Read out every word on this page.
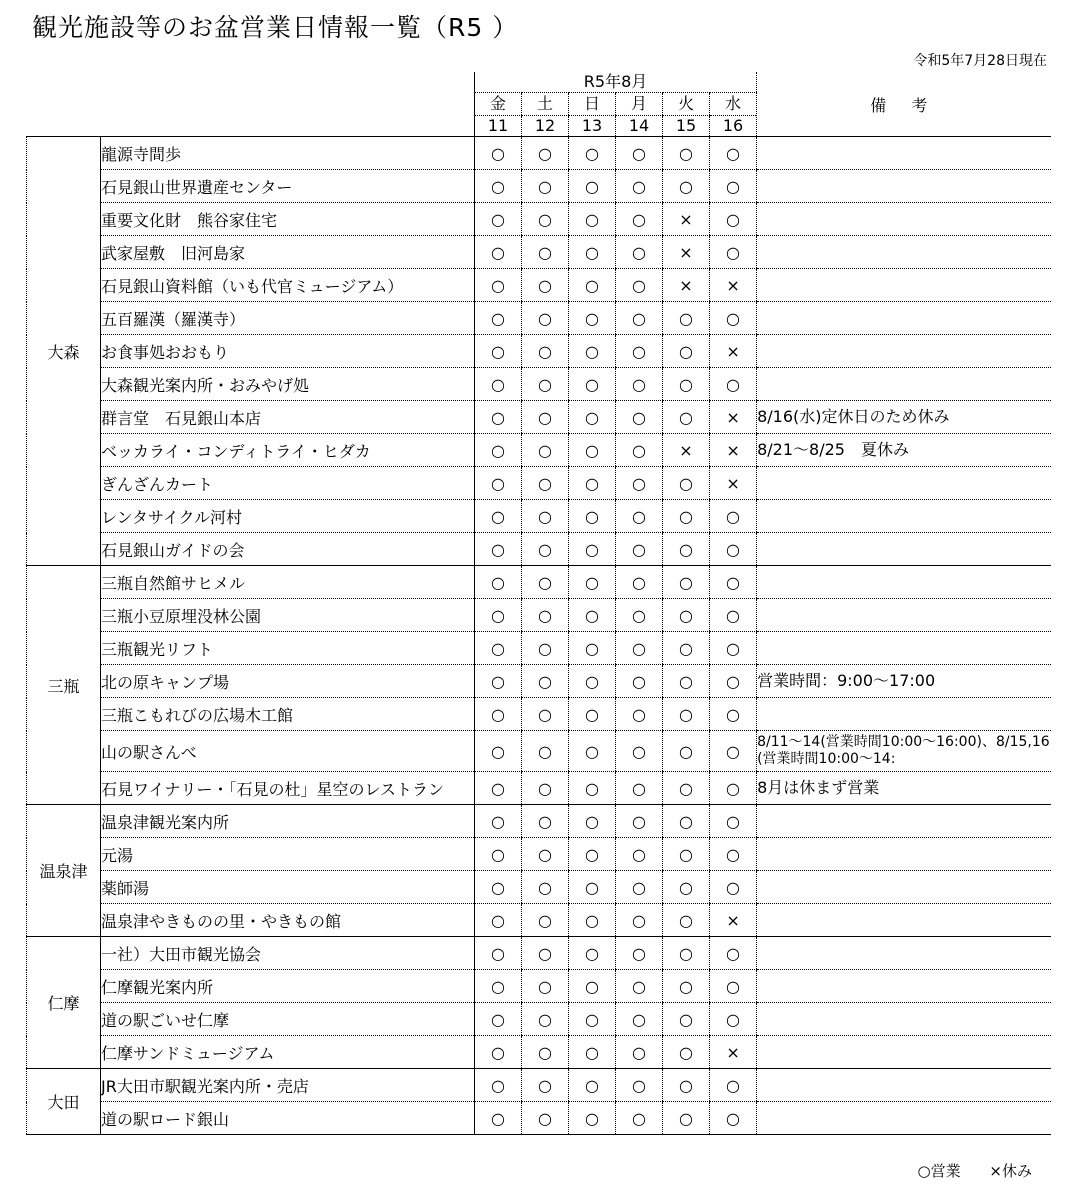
観光施設等のお盆営業日情報一覧（R5 ）
令和5年7月28日現在
		R5年8月						備 考
		金	土	日	月	火	水	
		11	12	13	14	15	16	
大森	龍源寺間歩	○	○	○	○	○	○	
	石見銀山世界遺産センター	○	○	○	○	○	○	
	重要文化財　熊谷家住宅	○	○	○	○	×	○	
	武家屋敷　旧河島家	○	○	○	○	×	○	
	石見銀山資料館（いも代官ミュージアム）	○	○	○	○	×	×	
	五百羅漢（羅漢寺）	○	○	○	○	○	○	
	お食事処おおもり	○	○	○	○	○	×	
	大森観光案内所・おみやげ処	○	○	○	○	○	○	
	群言堂　石見銀山本店	○	○	○	○	○	×	8/16(水)定休日のため休み
	ベッカライ・コンディトライ・ヒダカ	○	○	○	○	×	×	8/21～8/25　夏休み
	ぎんざんカート	○	○	○	○	○	×	
	レンタサイクル河村	○	○	○	○	○	○	
	石見銀山ガイドの会	○	○	○	○	○	○	
三瓶	三瓶自然館サヒメル	○	○	○	○	○	○	
	三瓶小豆原埋没林公園	○	○	○	○	○	○	
	三瓶観光リフト	○	○	○	○	○	○	
	北の原キャンプ場	○	○	○	○	○	○	営業時間：9:00～17:00
	三瓶こもれびの広場木工館	○	○	○	○	○	○	
	山の駅さんべ	○	○	○	○	○	○	8/11～14(営業時間10:00～16:00)、8/15,16(営業時間10:00～14:
	石見ワイナリー・「石見の杜」星空のレストラン	○	○	○	○	○	○	8月は休まず営業
温泉津	温泉津観光案内所	○	○	○	○	○	○	
	元湯	○	○	○	○	○	○	
	薬師湯	○	○	○	○	○	○	
	温泉津やきものの里・やきもの館	○	○	○	○	○	×	
仁摩	一社）大田市観光協会	○	○	○	○	○	○	
	仁摩観光案内所	○	○	○	○	○	○	
	道の駅ごいせ仁摩	○	○	○	○	○	○	
	仁摩サンドミュージアム	○	○	○	○	○	×	
大田	JR大田市駅観光案内所・売店	○	○	○	○	○	○	
	道の駅ロード銀山	○	○	○	○	○	○	
○営業 ×休み
